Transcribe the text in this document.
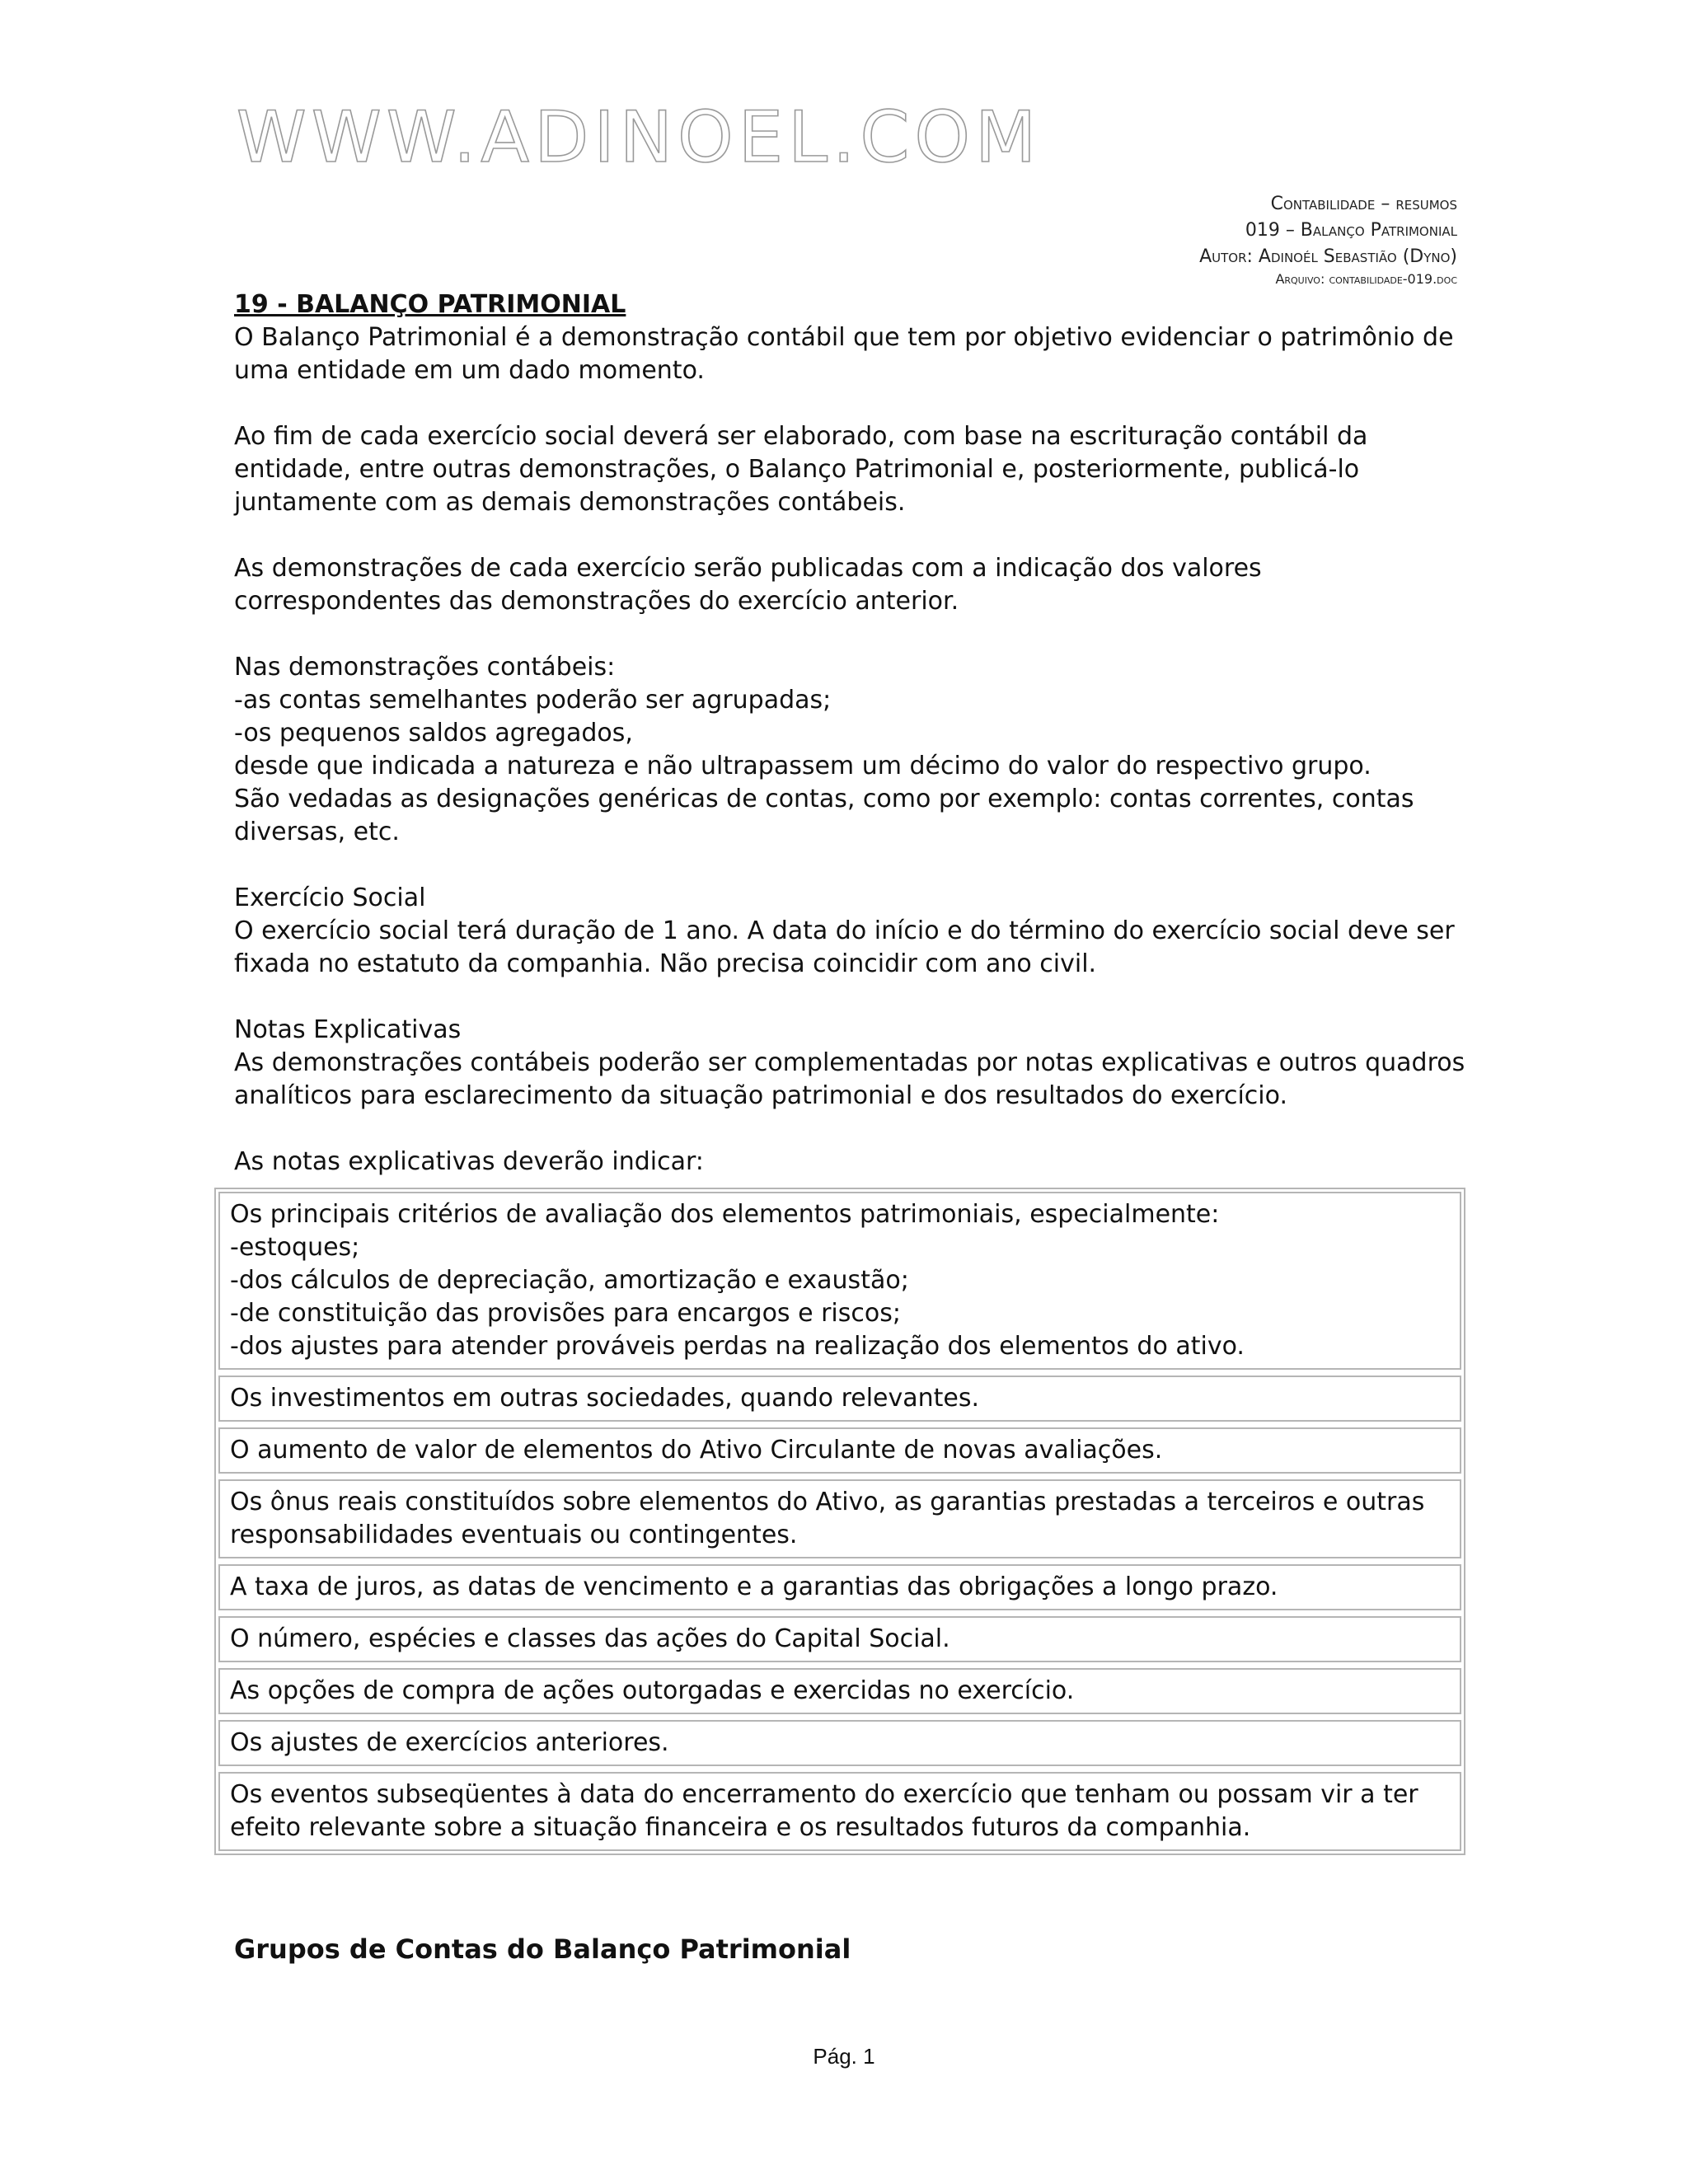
WWW.ADINOEL.COM
Contabilidade – resumos
019 – Balanço Patrimonial
Autor: Adinoél Sebastião (Dyno)
Arquivo: contabilidade-019.doc
19 - BALANÇO PATRIMONIAL

O Balanço Patrimonial é a demonstração contábil que tem por objetivo evidenciar o patrimônio de uma entidade em um dado momento.

Ao fim de cada exercício social deverá ser elaborado, com base na escrituração contábil da entidade, entre outras demonstrações, o Balanço Patrimonial e, posteriormente, publicá-lo juntamente com as demais demonstrações contábeis.

As demonstrações de cada exercício serão publicadas com a indicação dos valores correspondentes das demonstrações do exercício anterior.

Nas demonstrações contábeis:
-as contas semelhantes poderão ser agrupadas;
-os pequenos saldos agregados,
desde que indicada a natureza e não ultrapassem um décimo do valor do respectivo grupo.
São vedadas as designações genéricas de contas, como por exemplo: contas correntes, contas diversas, etc.
Exercício Social

O exercício social terá duração de 1 ano. A data do início e do término do exercício social deve ser fixada no estatuto da companhia. Não precisa coincidir com ano civil.

Notas Explicativas

As demonstrações contábeis poderão ser complementadas por notas explicativas e outros quadros analíticos para esclarecimento da situação patrimonial e dos resultados do exercício.

As notas explicativas deverão indicar:
Os principais critérios de avaliação dos elementos patrimoniais, especialmente:
-estoques;
-dos cálculos de depreciação, amortização e exaustão;
-de constituição das provisões para encargos e riscos;
-dos ajustes para atender prováveis perdas na realização dos elementos do ativo.
Os investimentos em outras sociedades, quando relevantes.
O aumento de valor de elementos do Ativo Circulante de novas avaliações.
Os ônus reais constituídos sobre elementos do Ativo, as garantias prestadas a terceiros e outras responsabilidades eventuais ou contingentes.
A taxa de juros, as datas de vencimento e a garantias das obrigações a longo prazo.
O número, espécies e classes das ações do Capital Social.
As opções de compra de ações outorgadas e exercidas no exercício.
Os ajustes de exercícios anteriores.
Os eventos subseqüentes à data do encerramento do exercício que tenham ou possam vir a ter efeito relevante sobre a situação financeira e os resultados futuros da companhia.
Grupos de Contas do Balanço Patrimonial
Pág. 1
